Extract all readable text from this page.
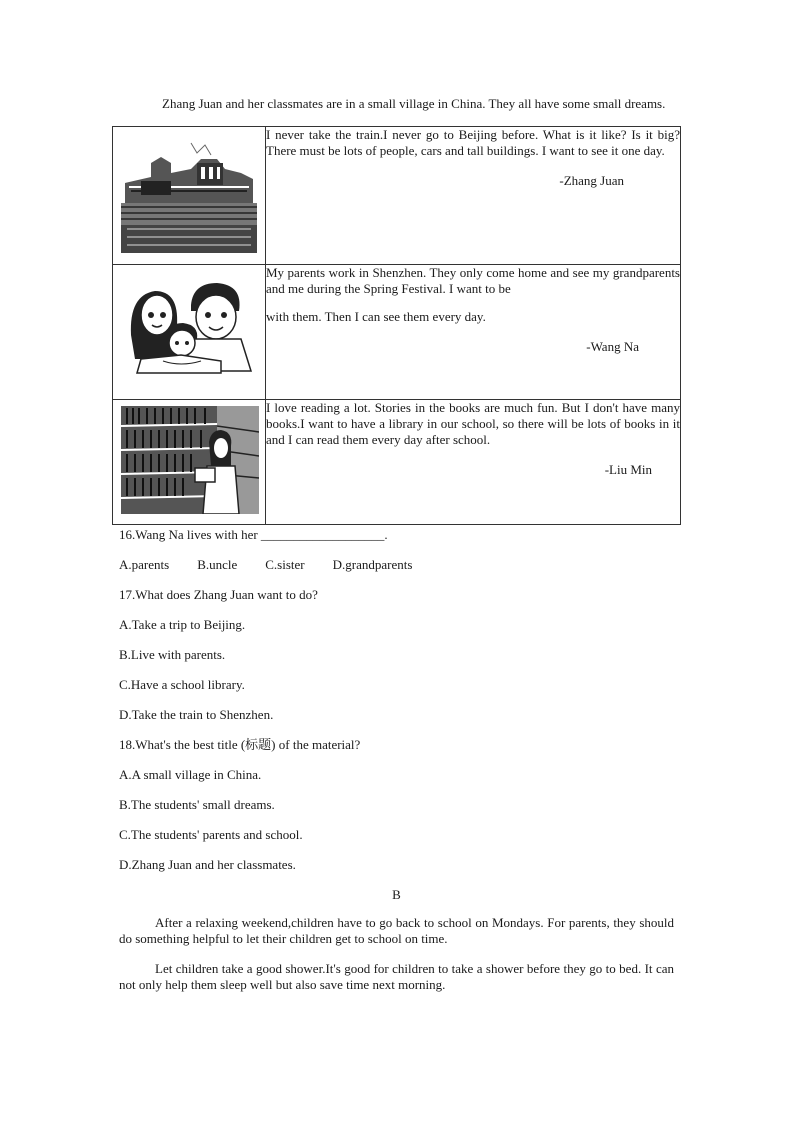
Zhang Juan and her classmates are in a small village in China. They all have some small dreams.

I never take the train.I never go to Beijing before. What is it like? Is it big? There must be lots of people, cars and tall buildings. I want to see it one day.

-Zhang Juan

My parents work in Shenzhen. They only come home and see my grandparents and me during the Spring Festival. I want to be

with them. Then I can see them every day.

-Wang Na

I love reading a lot. Stories in the books are much fun. But I don't have many books.I want to have a library in our school, so there will be lots of books in it and I can read them every day after school.

-Liu Min

16.Wang Na lives with her ___________________.

A.parents B.uncle C.sister D.grandparents

17.What does Zhang Juan want to do?

A.Take a trip to Beijing.

B.Live with parents.

C.Have a school library.

D.Take the train to Shenzhen.

18.What's the best title (标题) of the material?

A.A small village in China.

B.The students' small dreams.

C.The students' parents and school.

D.Zhang Juan and her classmates.

B

After a relaxing weekend,children have to go back to school on Mondays. For parents, they should do something helpful to let their children get to school on time.

Let children take a good shower.It's good for children to take a shower before they go to bed. It can not only help them sleep well but also save time next morning.
